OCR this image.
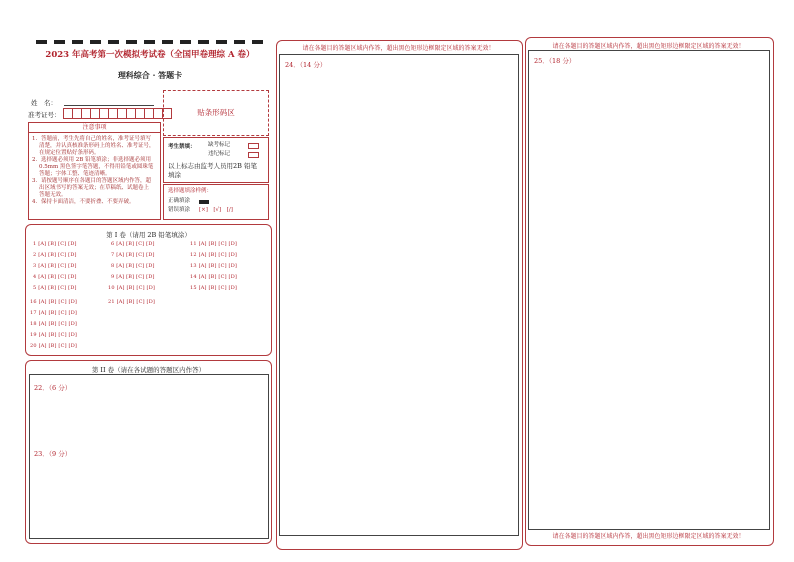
2023 年高考第一次模拟考试卷（全国甲卷理综 A 卷）
理科综合 · 答题卡
姓　名：
准考证号：	贴条形码区
注意事项
1．答题前，考生先将自己的姓名，准考证号填写
清楚，并认真核准条形码上的姓名、准考证号，
在规定位置贴好条形码。
2．选择题必须用 2B 铅笔填涂；非选择题必须用
0.5mm 黑色签字笔答题，不得用铅笔或圆珠笔
答题；字体工整、笔迹清晰。
3．请按题号顺序在各题目的答题区域内作答，超
出区域书写的答案无效；在草稿纸、试题卷上
答题无效。
4．保持卡面清洁，不要折叠、不要弄破。
考生禁填： 缺考标记
违纪标记
以上标志由监考人员用2B 铅笔
填涂
选择题填涂样例：
正确填涂
错误填涂 [×]　[√]　[/]
第 I 卷（请用 2B 铅笔填涂）
1 [A] [B] [C] [D]
2 [A] [B] [C] [D]
3 [A] [B] [C] [D]
4 [A] [B] [C] [D]
5 [A] [B] [C] [D]
6 [A] [B] [C] [D]
7 [A] [B] [C] [D]
8 [A] [B] [C] [D]
9 [A] [B] [C] [D]
10 [A] [B] [C] [D]
11 [A] [B] [C] [D]
12 [A] [B] [C] [D]
13 [A] [B] [C] [D]
14 [A] [B] [C] [D]
15 [A] [B] [C] [D]
16 [A] [B] [C] [D]
17 [A] [B] [C] [D]
18 [A] [B] [C] [D]
19 [A] [B] [C] [D]
20 [A] [B] [C] [D]
21 [A] [B] [C] [D]
第 II 卷（请在各试题的答题区内作答）
22．（6 分）
23．（9 分）
请在各题目的答题区域内作答，超出黑色矩形边框限定区域的答案无效！
24．（14 分）
请在各题目的答题区域内作答，超出黑色矩形边框限定区域的答案无效！
25．（18 分）
请在各题目的答题区域内作答，超出黑色矩形边框限定区域的答案无效！
